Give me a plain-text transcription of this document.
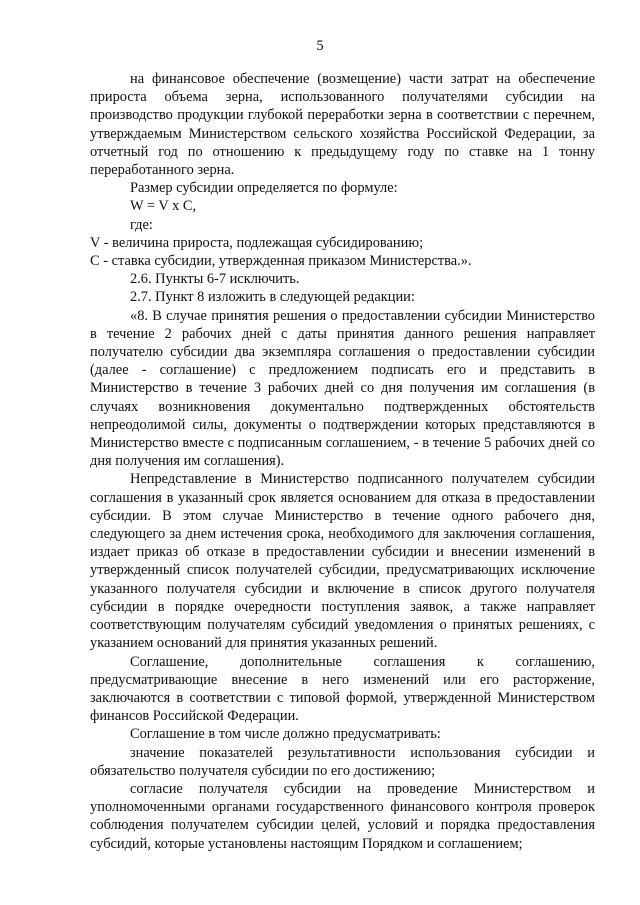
5

на финансовое обеспечение (возмещение) части затрат на обеспечение прироста объема зерна, использованного получателями субсидии на производство продукции глубокой переработки зерна в соответствии с перечнем, утверждаемым Министерством сельского хозяйства Российской Федерации, за отчетный год по отношению к предыдущему году по ставке на 1 тонну переработанного зерна.

Размер субсидии определяется по формуле:

W = V x C,

где:

V - величина прироста, подлежащая субсидированию;

С - ставка субсидии, утвержденная приказом Министерства.».

2.6. Пункты 6-7 исключить.

2.7. Пункт 8 изложить в следующей редакции:

«8. В случае принятия решения о предоставлении субсидии Министерство в течение 2 рабочих дней с даты принятия данного решения направляет получателю субсидии два экземпляра соглашения о предоставлении субсидии (далее - соглашение) с предложением подписать его и представить в Министерство в течение 3 рабочих дней со дня получения им соглашения (в случаях возникновения документально подтвержденных обстоятельств непреодолимой силы, документы о подтверждении которых представляются в Министерство вместе с подписанным соглашением, - в течение 5 рабочих дней со дня получения им соглашения).

Непредставление в Министерство подписанного получателем субсидии соглашения в указанный срок является основанием для отказа в предоставлении субсидии. В этом случае Министерство в течение одного рабочего дня, следующего за днем истечения срока, необходимого для заключения соглашения, издает приказ об отказе в предоставлении субсидии и внесении изменений в утвержденный список получателей субсидии, предусматривающих исключение указанного получателя субсидии и включение в список другого получателя субсидии в порядке очередности поступления заявок, а также направляет соответствующим получателям субсидий уведомления о принятых решениях, с указанием оснований для принятия указанных решений.

Соглашение, дополнительные соглашения к соглашению, предусматривающие внесение в него изменений или его расторжение, заключаются в соответствии с типовой формой, утвержденной Министерством финансов Российской Федерации.

Соглашение в том числе должно предусматривать:

значение показателей результативности использования субсидии и обязательство получателя субсидии по его достижению;

согласие получателя субсидии на проведение Министерством и уполномоченными органами государственного финансового контроля проверок соблюдения получателем субсидии целей, условий и порядка предоставления субсидий, которые установлены настоящим Порядком и соглашением;
